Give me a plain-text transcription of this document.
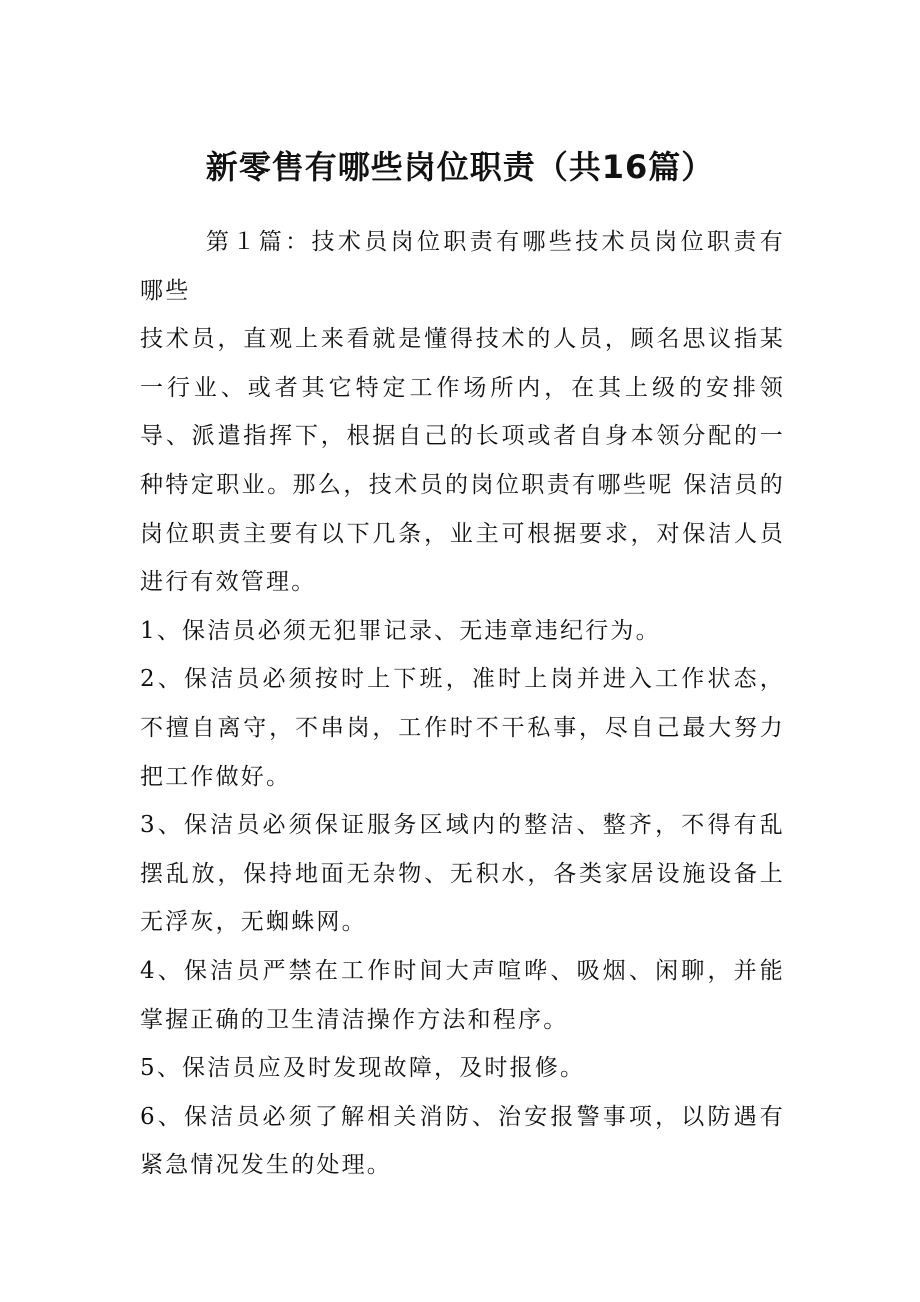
新零售有哪些岗位职责（共16篇）

第１篇：技术员岗位职责有哪些技术员岗位职责有哪些

技术员，直观上来看就是懂得技术的人员，顾名思议指某一行业、或者其它特定工作场所内，在其上级的安排领导、派遣指挥下，根据自己的长项或者自身本领分配的一种特定职业。那么，技术员的岗位职责有哪些呢 保洁员的岗位职责主要有以下几条，业主可根据要求，对保洁人员进行有效管理。

1、保洁员必须无犯罪记录、无违章违纪行为。

2、保洁员必须按时上下班，准时上岗并进入工作状态，不擅自离守，不串岗，工作时不干私事，尽自己最大努力把工作做好。

3、保洁员必须保证服务区域内的整洁、整齐，不得有乱摆乱放，保持地面无杂物、无积水，各类家居设施设备上无浮灰，无蜘蛛网。

4、保洁员严禁在工作时间大声喧哗、吸烟、闲聊，并能掌握正确的卫生清洁操作方法和程序。

5、保洁员应及时发现故障，及时报修。

6、保洁员必须了解相关消防、治安报警事项，以防遇有紧急情况发生的处理。
